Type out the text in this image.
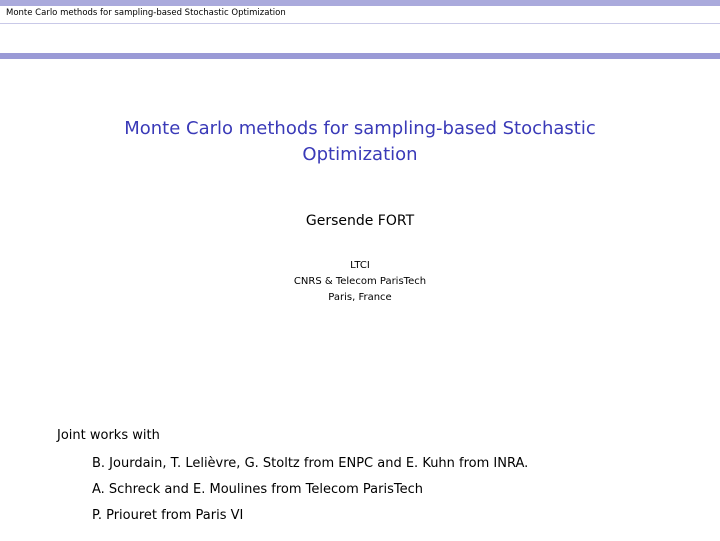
Monte Carlo methods for sampling-based Stochastic Optimization
Monte Carlo methods for sampling-based Stochastic
Optimization
Gersende FORT
LTCI
CNRS & Telecom ParisTech
Paris, France
Joint works with
B. Jourdain, T. Lelièvre, G. Stoltz from ENPC and E. Kuhn from INRA.
A. Schreck and E. Moulines from Telecom ParisTech
P. Priouret from Paris VI
